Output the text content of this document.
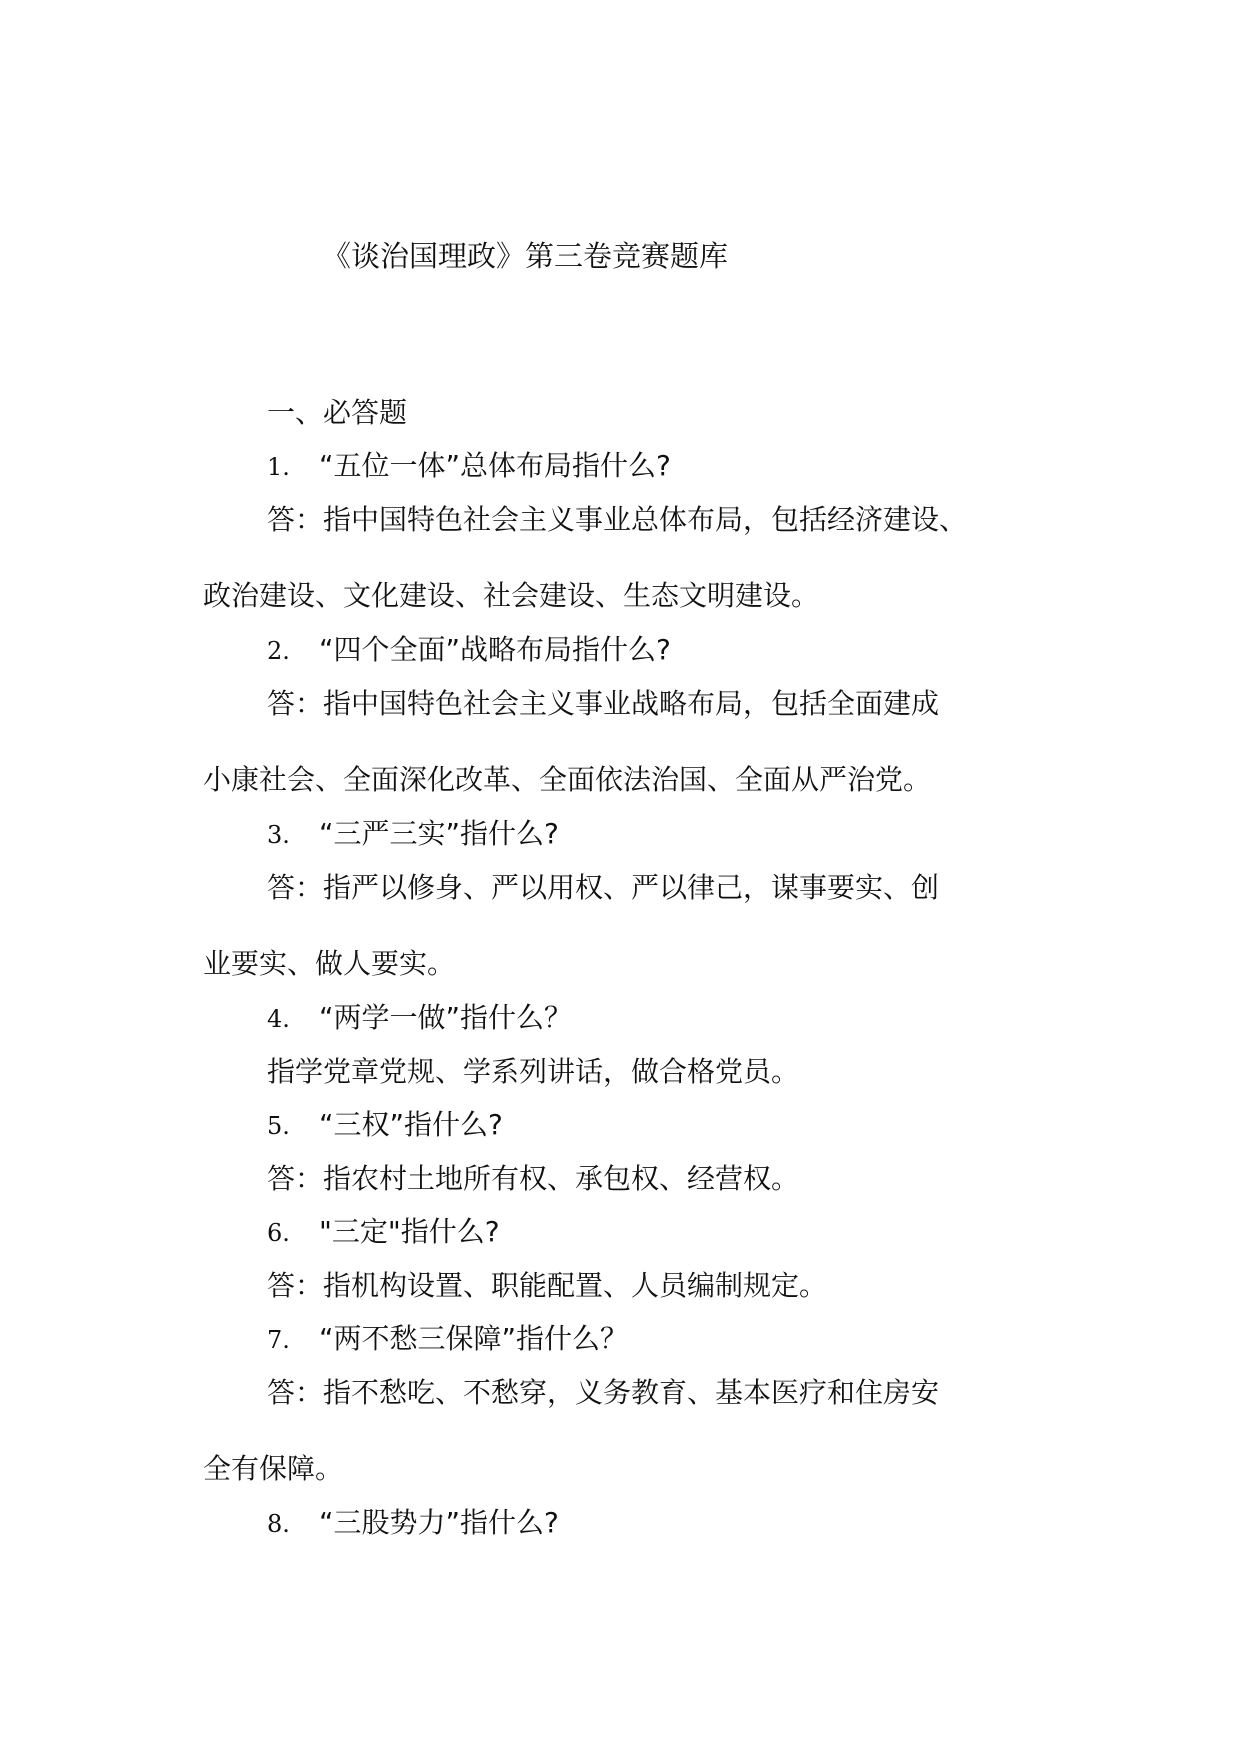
《谈治国理政》第三卷竞赛题库
一、必答题
1. “五位一体”总体布局指什么?
答：指中国特色社会主义事业总体布局，包括经济建设、
政治建设、文化建设、社会建设、生态文明建设。
2. “四个全面”战略布局指什么?
答：指中国特色社会主义事业战略布局，包括全面建成
小康社会、全面深化改革、全面依法治国、全面从严治党。
3. “三严三实”指什么?
答：指严以修身、严以用权、严以律己，谋事要实、创
业要实、做人要实。
4. “两学一做”指什么？
指学党章党规、学系列讲话，做合格党员。
5. “三权”指什么?
答：指农村土地所有权、承包权、经营权。
6. "三定"指什么?
答：指机构设置、职能配置、人员编制规定。
7. “两不愁三保障”指什么？
答：指不愁吃、不愁穿，义务教育、基本医疗和住房安
全有保障。
8. “三股势力”指什么?
